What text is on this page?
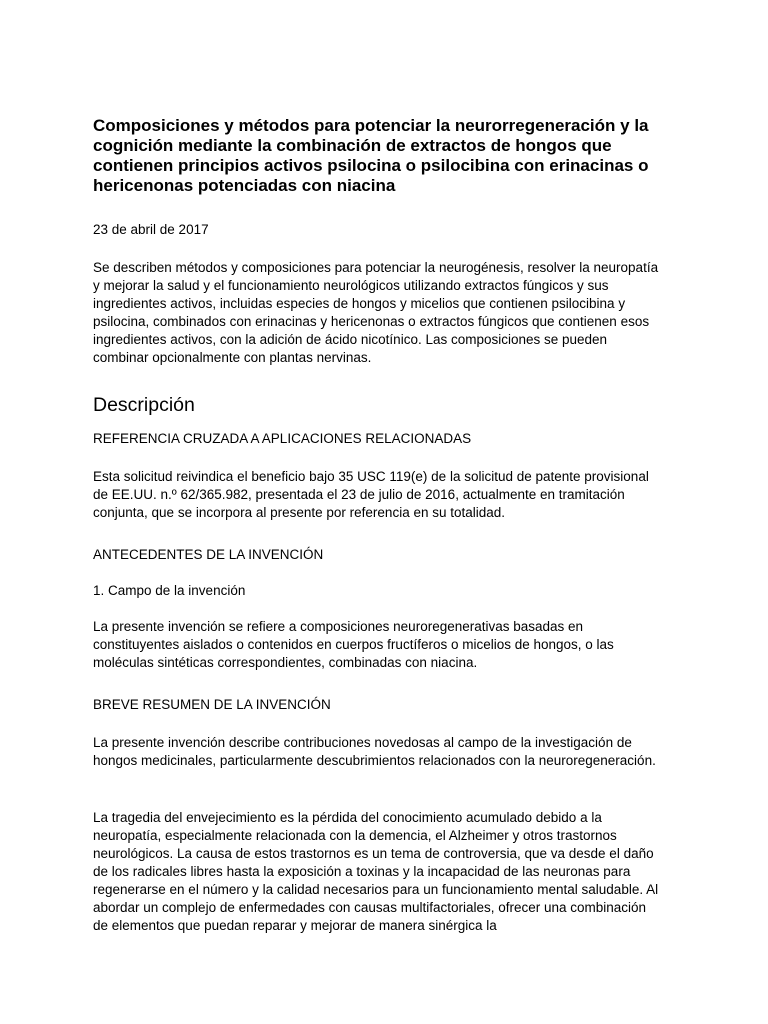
Composiciones y métodos para potenciar la neurorregeneración y la cognición mediante la combinación de extractos de hongos que contienen principios activos psilocina o psilocibina con erinacinas o hericenonas potenciadas con niacina

23 de abril de 2017

Se describen métodos y composiciones para potenciar la neurogénesis, resolver la neuropatía y mejorar la salud y el funcionamiento neurológicos utilizando extractos fúngicos y sus ingredientes activos, incluidas especies de hongos y micelios que contienen psilocibina y psilocina, combinados con erinacinas y hericenonas o extractos fúngicos que contienen esos ingredientes activos, con la adición de ácido nicotínico. Las composiciones se pueden combinar opcionalmente con plantas nervinas.

Descripción

REFERENCIA CRUZADA A APLICACIONES RELACIONADAS

Esta solicitud reivindica el beneficio bajo 35 USC 119(e) de la solicitud de patente provisional de EE.UU. n.º 62/365.982, presentada el 23 de julio de 2016, actualmente en tramitación conjunta, que se incorpora al presente por referencia en su totalidad.

ANTECEDENTES DE LA INVENCIÓN

1. Campo de la invención

La presente invención se refiere a composiciones neuroregenerativas basadas en constituyentes aislados o contenidos en cuerpos fructíferos o micelios de hongos, o las moléculas sintéticas correspondientes, combinadas con niacina.

BREVE RESUMEN DE LA INVENCIÓN

La presente invención describe contribuciones novedosas al campo de la investigación de hongos medicinales, particularmente descubrimientos relacionados con la neuroregeneración.

La tragedia del envejecimiento es la pérdida del conocimiento acumulado debido a la neuropatía, especialmente relacionada con la demencia, el Alzheimer y otros trastornos neurológicos. La causa de estos trastornos es un tema de controversia, que va desde el daño de los radicales libres hasta la exposición a toxinas y la incapacidad de las neuronas para regenerarse en el número y la calidad necesarios para un funcionamiento mental saludable. Al abordar un complejo de enfermedades con causas multifactoriales, ofrecer una combinación de elementos que puedan reparar y mejorar de manera sinérgica la
